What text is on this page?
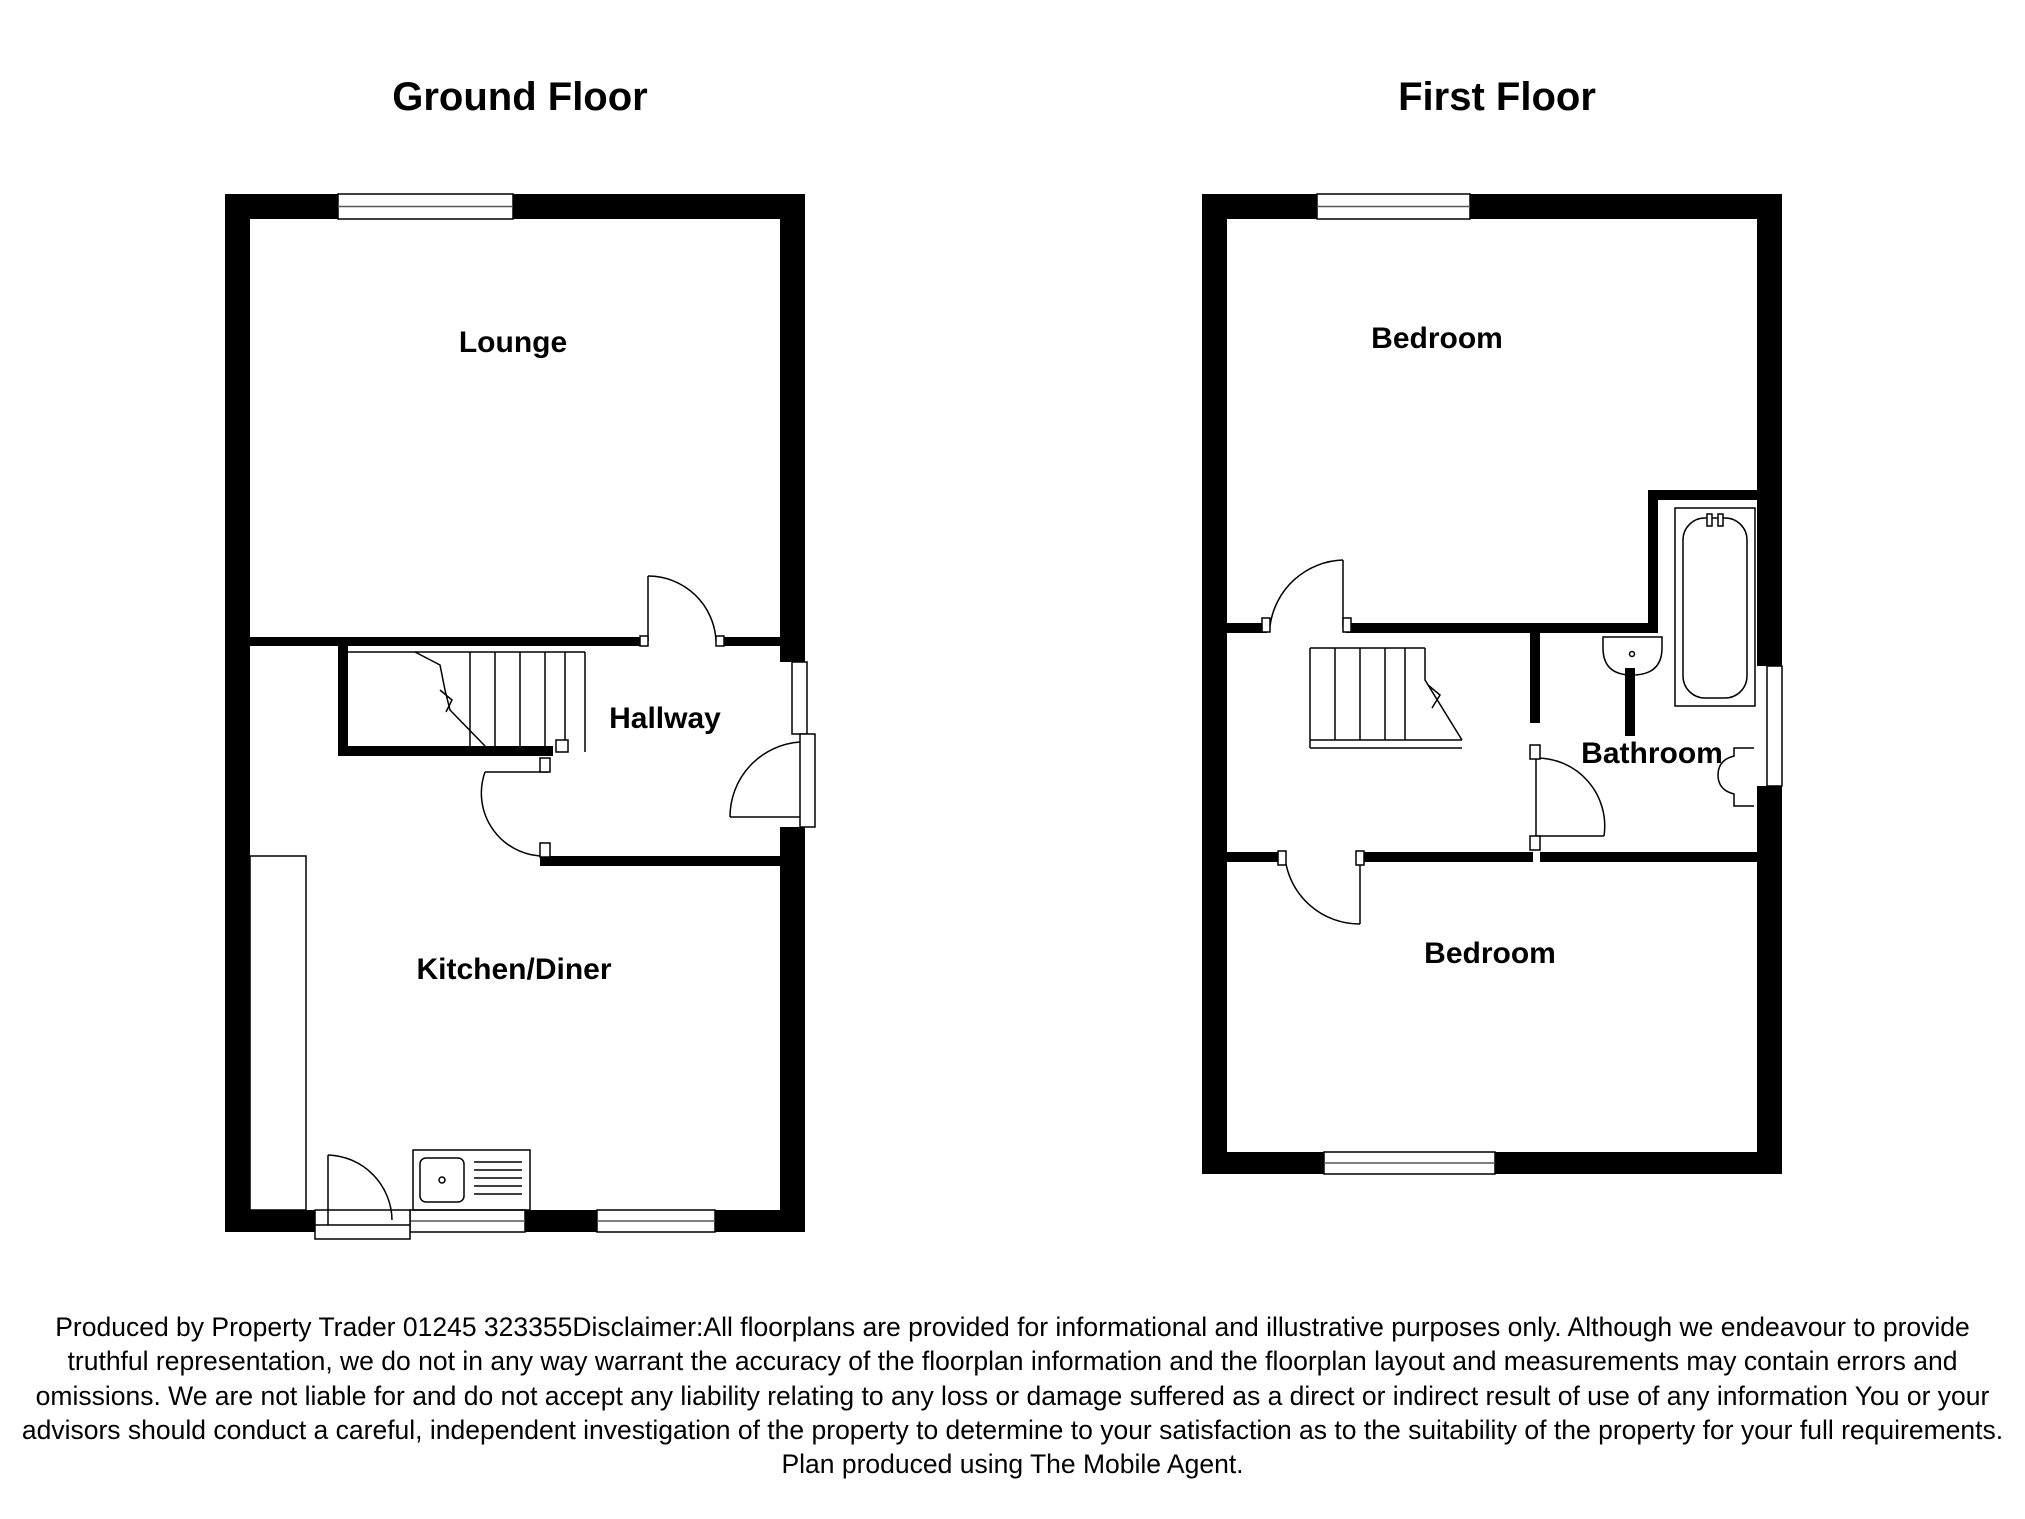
Ground Floor
Lounge
Hallway
Kitchen/Diner
First Floor
Bedroom
Bathroom
Bedroom

Produced by Property Trader 01245 323355Disclaimer:All floorplans are provided for informational and illustrative purposes only. Although we endeavour to provide truthful representation, we do not in any way warrant the accuracy of the floorplan information and the floorplan layout and measurements may contain errors and omissions. We are not liable for and do not accept any liability relating to any loss or damage suffered as a direct or indirect result of use of any information You or your advisors should conduct a careful, independent investigation of the property to determine to your satisfaction as to the suitability of the property for your full requirements.

Plan produced using The Mobile Agent.
